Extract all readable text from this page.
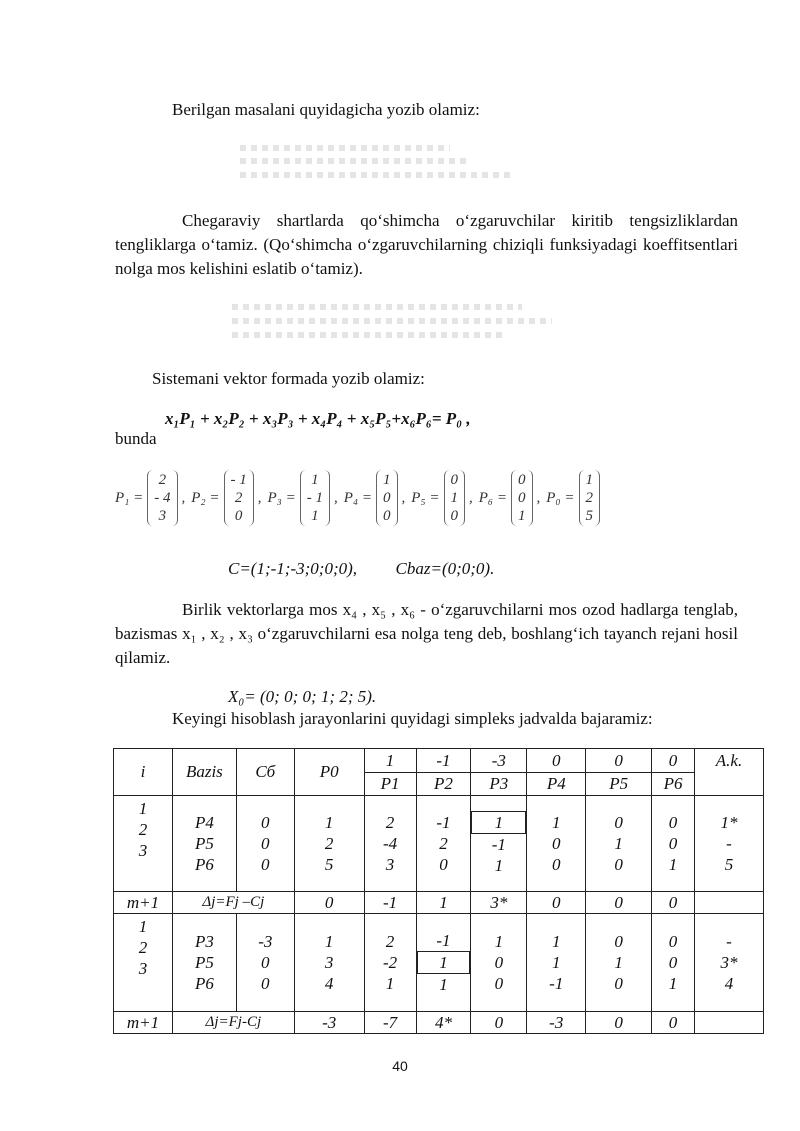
Berilgan masalani quyidagicha yozib olamiz:
Chegaraviy shartlarda qo‘shimcha o‘zgaruvchilar kiritib tengsizliklardan tengliklarga o‘tamiz. (Qo‘shimcha o‘zgaruvchilarning chiziqli funksiyadagi koeffitsentlari nolga mos kelishini eslatib o‘tamiz).
Sistemani vektor formada yozib olamiz:
x₁P₁ + x₂P₂ + x₃P₃ + x₄P₄ + x₅P₅+x₆P₆= P₀ ,
bunda
P₁ =
2
- 4
3
, P₂ =
- 1
2
0
, P₃ =
1
- 1
1
, P₄ =
1
0
0
, P₅ =
0
1
0
, P₆ =
0
0
1
, P₀ =
1
2
5
C=(1;-1;-3;0;0;0), Cbaz=(0;0;0).
Birlik vektorlarga mos x₄ , x₅ , x₆ - o‘zgaruvchilarni mos ozod hadlarga tenglab, bazismas x₁ , x₂ , x₃ o‘zgaruvchilarni esa nolga teng deb, boshlang‘ich tayanch rejani hosil qilamiz.
X₀= (0; 0; 0; 1; 2; 5).
Keyingi hisoblash jarayonlarini quyidagi simpleks jadvalda bajaramiz:
i	Bazis	Cб	P0	1	-1	-3	0	0	0	A.k.
				P1	P2	P3	P4	P5	P6	

1
2
3	P4
P5
P6	0
0
0	1
2
5	2
-4
3	-1
2
0	1
-1
1	1
0
0	0
1
0	0
0
1	1*
-
5

m+1	Δj=Fj –Cj		0	-1	1	3*	0	0	0	

1
2
3	P3
P5
P6	-3
0
0	1
3
4	2
-2
1	-1
1
1	1
0
0	1
1
-1	0
1
0	0
0
1	-
3*
4

m+1	Δj=Fj-Cj		-3	-7	4*	0	-3	0	0	
40
